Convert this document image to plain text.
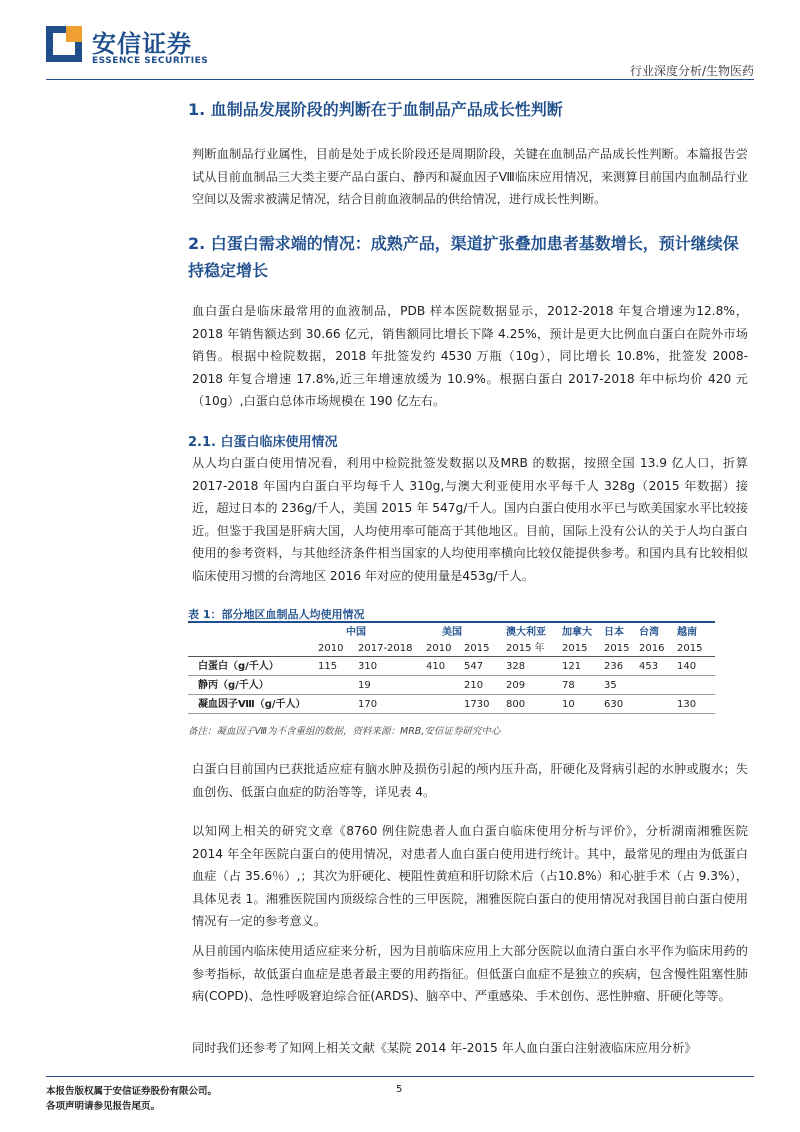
安信证券
ESSENCE SECURITIES
行业深度分析/生物医药
1. 血制品发展阶段的判断在于血制品产品成长性判断
判断血制品行业属性，目前是处于成长阶段还是周期阶段，关键在血制品产品成长性判断。本篇报告尝试从目前血制品三大类主要产品白蛋白、静丙和凝血因子Ⅷ临床应用情况，来测算目前国内血制品行业空间以及需求被满足情况，结合目前血液制品的供给情况，进行成长性判断。
2. 白蛋白需求端的情况：成熟产品，渠道扩张叠加患者基数增长，预计继续保持稳定增长
血白蛋白是临床最常用的血液制品，PDB 样本医院数据显示，2012-2018 年复合增速为12.8%，2018 年销售额达到 30.66 亿元，销售额同比增长下降 4.25%，预计是更大比例血白蛋白在院外市场销售。根据中检院数据，2018 年批签发约 4530 万瓶（10g），同比增长 10.8%，批签发 2008-2018 年复合增速 17.8%,近三年增速放缓为 10.9%。根据白蛋白 2017-2018 年中标均价 420 元（10g）,白蛋白总体市场规模在 190 亿左右。
2.1. 白蛋白临床使用情况
从人均白蛋白使用情况看，利用中检院批签发数据以及MRB 的数据，按照全国 13.9 亿人口，折算 2017-2018 年国内白蛋白平均每千人 310g,与澳大利亚使用水平每千人 328g（2015 年数据）接近，超过日本的 236g/千人，美国 2015 年 547g/千人。国内白蛋白使用水平已与欧美国家水平比较接近。但鉴于我国是肝病大国，人均使用率可能高于其他地区。目前，国际上没有公认的关于人均白蛋白使用的参考资料，与其他经济条件相当国家的人均使用率横向比较仅能提供参考。和国内具有比较相似临床使用习惯的台湾地区 2016 年对应的使用量是453g/千人。
表 1：部分地区血制品人均使用情况
	中国		美国		澳大利亚	加拿大	日本	台湾	越南
	2010	2017-2018	2010	2015	2015 年	2015	2015	2016	2015
白蛋白（g/千人）	115	310	410	547	328	121	236	453	140
静丙（g/千人）		19		210	209	78	35		
凝血因子Ⅷ（g/千人）		170		1730	800	10	630		130
备注：凝血因子Ⅷ为不含重组的数据，资料来源：MRB,安信证券研究中心
白蛋白目前国内已获批适应症有脑水肿及损伤引起的颅内压升高，肝硬化及肾病引起的水肿或腹水；失血创伤、低蛋白血症的防治等等，详见表 4。
以知网上相关的研究文章《8760 例住院患者人血白蛋白临床使用分析与评价》，分析湖南湘雅医院 2014 年全年医院白蛋白的使用情况，对患者人血白蛋白使用进行统计。其中，最常见的理由为低蛋白血症（占 35.6％）,；其次为肝硬化、梗阻性黄疸和肝切除术后（占10.8%）和心脏手术（占 9.3%），具体见表 1。湘雅医院国内顶级综合性的三甲医院，湘雅医院白蛋白的使用情况对我国目前白蛋白使用情况有一定的参考意义。
从目前国内临床使用适应症来分析，因为目前临床应用上大部分医院以血清白蛋白水平作为临床用药的参考指标，故低蛋白血症是患者最主要的用药指征。但低蛋白血症不是独立的疾病，包含慢性阻塞性肺病(COPD)、急性呼吸窘迫综合征(ARDS)、脑卒中、严重感染、手术创伤、恶性肿瘤、肝硬化等等。
同时我们还参考了知网上相关文献《某院 2014 年-2015 年人血白蛋白注射液临床应用分析》
本报告版权属于安信证券股份有限公司。
各项声明请参见报告尾页。
5
